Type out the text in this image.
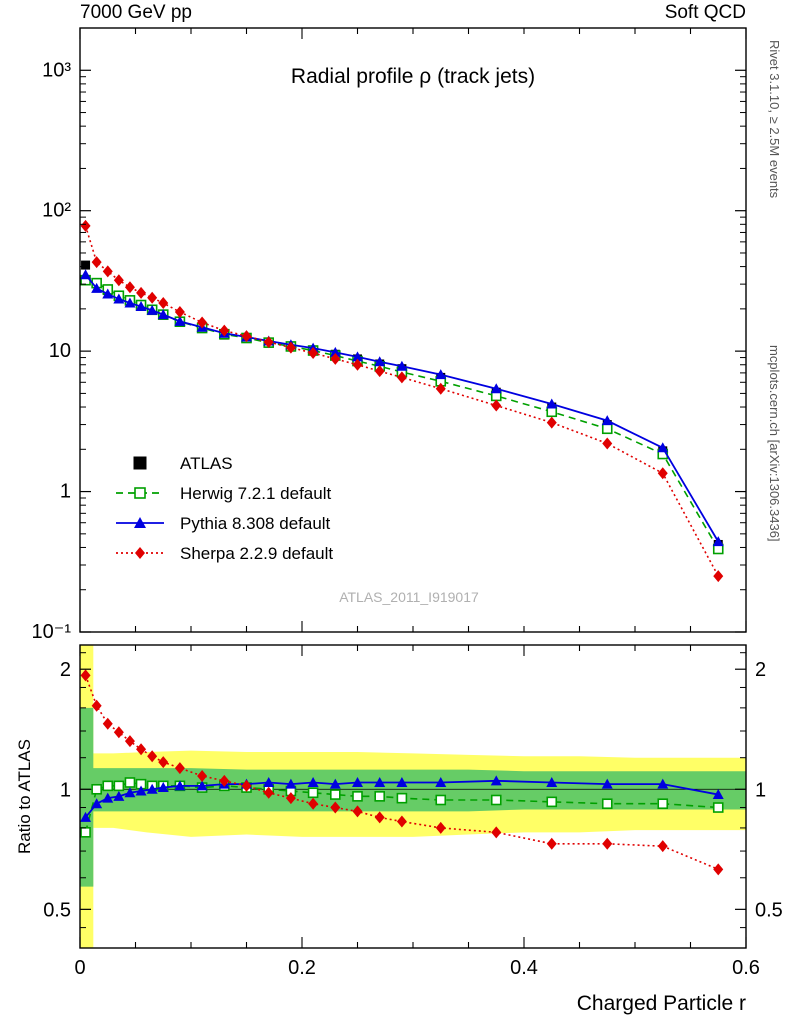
7000 GeV pp	Soft QCD
Rivet 3.1.10, ≥ 2.5M events
mcplots.cern.ch [arXiv:1306.3436]
10⁻¹
1
10
10²
10³
0.5	0.5
1	1
2	2
0	0.2	0.4	0.6
Radial profile ρ (track jets)
ATLAS_2011_I919017
Charged Particle r
Ratio to ATLAS
ATLAS
Herwig 7.2.1 default
Pythia 8.308 default
Sherpa 2.2.9 default
